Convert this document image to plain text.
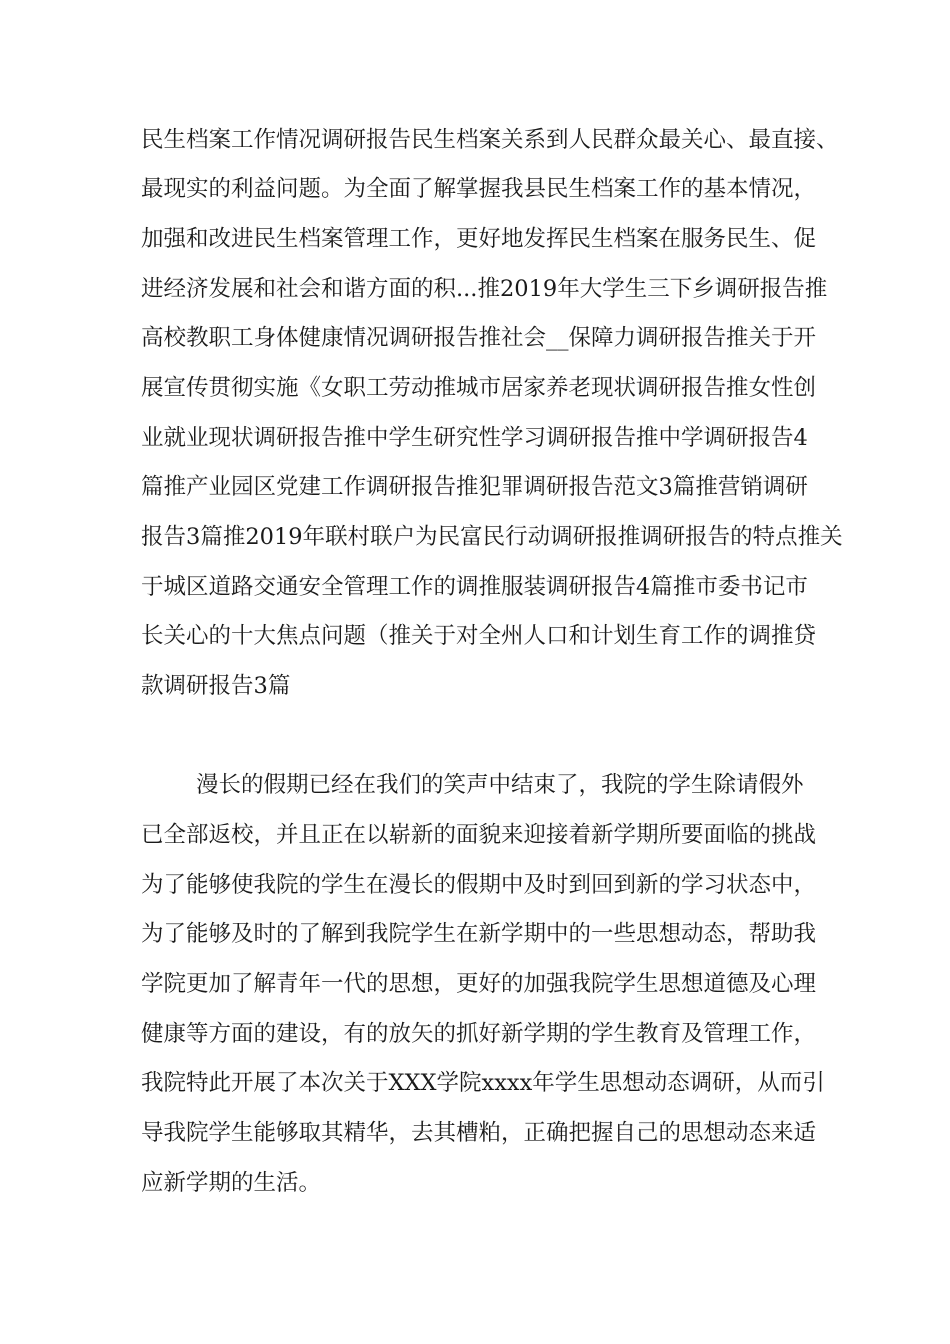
民生档案工作情况调研报告民生档案关系到人民群众最关心、最直接、
最现实的利益问题。为全面了解掌握我县民生档案工作的基本情况，
加强和改进民生档案管理工作，更好地发挥民生档案在服务民生、促
进经济发展和社会和谐方面的积...推2019年大学生三下乡调研报告推
高校教职工身体健康情况调研报告推社会__保障力调研报告推关于开
展宣传贯彻实施《女职工劳动推城市居家养老现状调研报告推女性创
业就业现状调研报告推中学生研究性学习调研报告推中学调研报告4
篇推产业园区党建工作调研报告推犯罪调研报告范文3篇推营销调研
报告3篇推2019年联村联户为民富民行动调研报推调研报告的特点推关
于城区道路交通安全管理工作的调推服装调研报告4篇推市委书记市
长关心的十大焦点问题（推关于对全州人口和计划生育工作的调推贷
款调研报告3篇
漫长的假期已经在我们的笑声中结束了，我院的学生除请假外
已全部返校，并且正在以崭新的面貌来迎接着新学期所要面临的挑战
为了能够使我院的学生在漫长的假期中及时到回到新的学习状态中，
为了能够及时的了解到我院学生在新学期中的一些思想动态，帮助我
学院更加了解青年一代的思想，更好的加强我院学生思想道德及心理
健康等方面的建设，有的放矢的抓好新学期的学生教育及管理工作，
我院特此开展了本次关于XXX学院xxxx年学生思想动态调研，从而引
导我院学生能够取其精华，去其槽粕，正确把握自己的思想动态来适
应新学期的生活。
